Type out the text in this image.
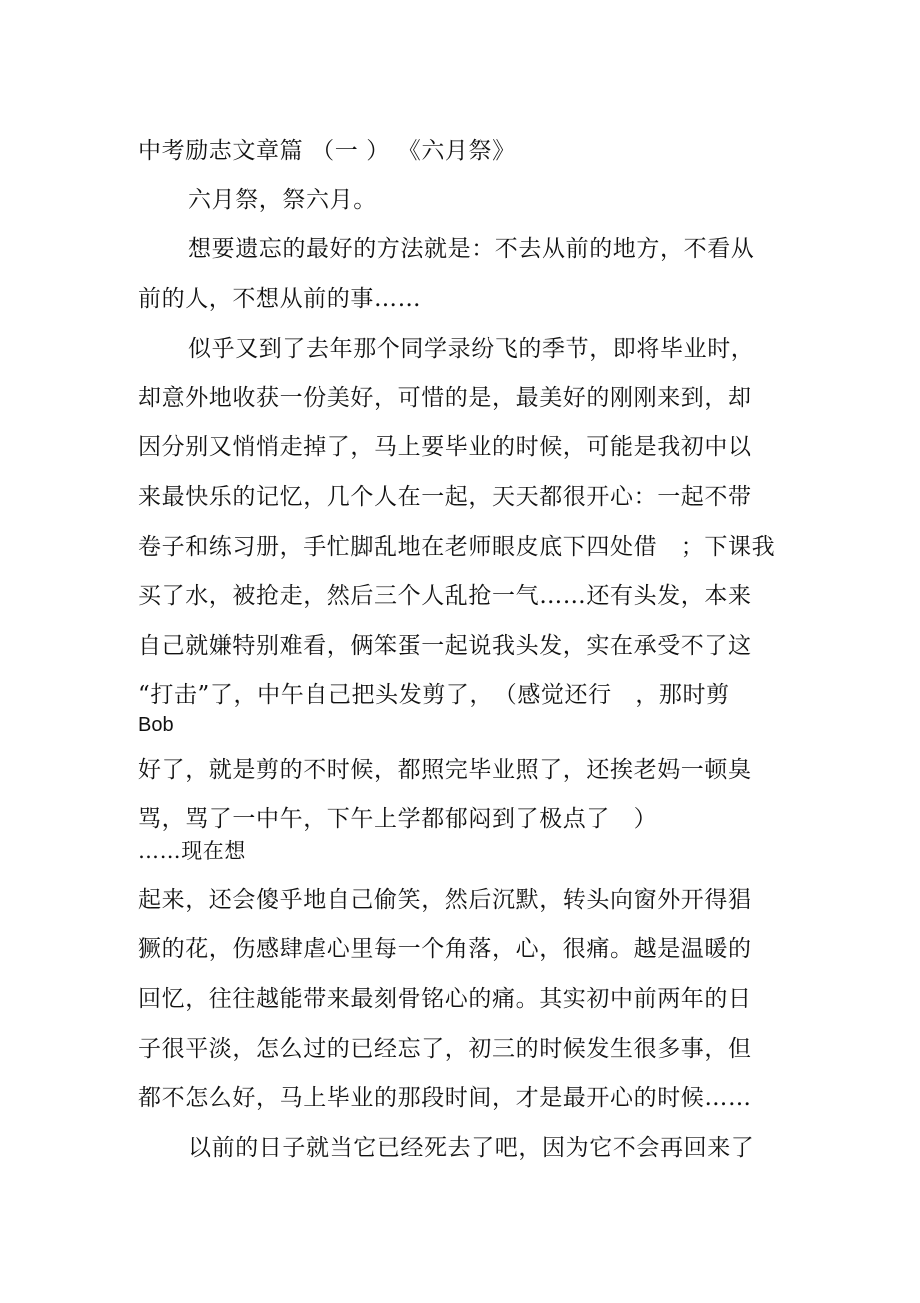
中考励志文章篇 （一 ） 《六月祭》
六月祭，祭六月。
想要遗忘的最好的方法就是：不去从前的地方，不看从
前的人，不想从前的事……
似乎又到了去年那个同学录纷飞的季节，即将毕业时，
却意外地收获一份美好，可惜的是，最美好的刚刚来到，却
因分别又悄悄走掉了，马上要毕业的时候，可能是我初中以
来最快乐的记忆，几个人在一起，天天都很开心：一起不带
卷子和练习册，手忙脚乱地在老师眼皮底下四处借　；下课我
买了水，被抢走，然后三个人乱抢一气……还有头发，本来
自己就嫌特别难看，俩笨蛋一起说我头发，实在承受不了这
“打击”了，中午自己把头发剪了，　（感觉还行　，那时剪
Bob
好了，就是剪的不时候，都照完毕业照了，还挨老妈一顿臭
骂，骂了一中午，下午上学都郁闷到了极点了　）
……现在想
起来，还会傻乎地自己偷笑，然后沉默，转头向窗外开得猖
獗的花，伤感肆虐心里每一个角落，心，很痛。越是温暖的
回忆，往往越能带来最刻骨铭心的痛。其实初中前两年的日
子很平淡，怎么过的已经忘了，初三的时候发生很多事，但
都不怎么好，马上毕业的那段时间，才是最开心的时候……
以前的日子就当它已经死去了吧，因为它不会再回来了
